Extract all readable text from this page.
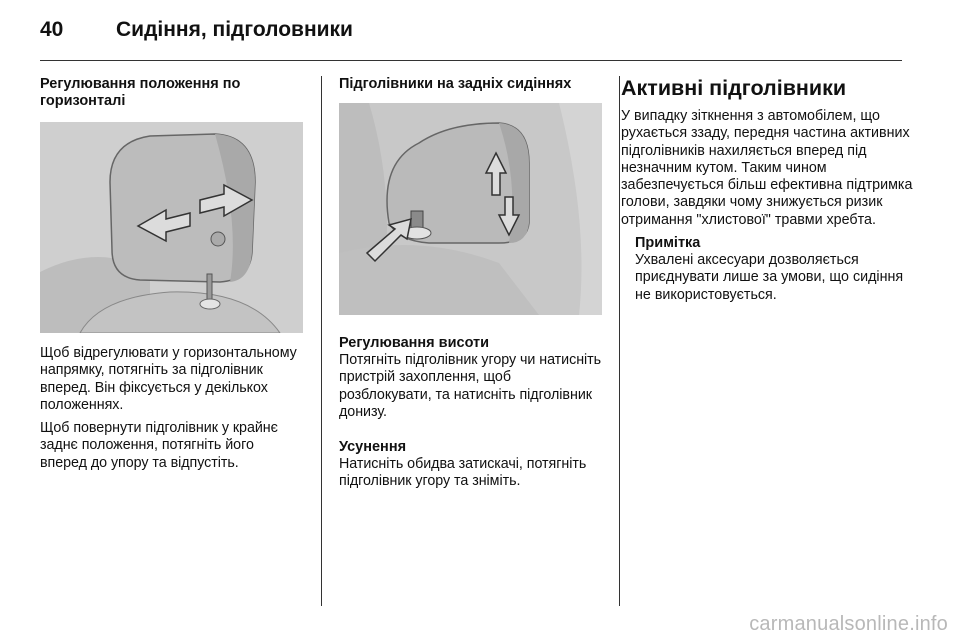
40	Сидіння, підголовники

Регулювання положення по горизонталі

Щоб відрегулювати у горизонтальному напрямку, потягніть за підголівник вперед. Він фіксується у декількох положеннях.

Щоб повернути підголівник у крайнє заднє положення, потягніть його вперед до упору та відпустіть.

Підголівники на задніх сидіннях

Регулювання висоти

Потягніть підголівник угору чи натисніть пристрій захоплення, щоб розблокувати, та натисніть підголівник донизу.

Усунення

Натисніть обидва затискачі, потягніть підголівник угору та зніміть.

Активні підголівники

У випадку зіткнення з автомобілем, що рухається ззаду, передня частина активних підголівників нахиляється вперед під незначним кутом. Таким чином забезпечується більш ефективна підтримка голови, завдяки чому знижується ризик отримання "хлистової" травми хребта.

Примітка

Ухвалені аксесуари дозволяється приєднувати лише за умови, що сидіння не використовується.

carmanualsonline.info
